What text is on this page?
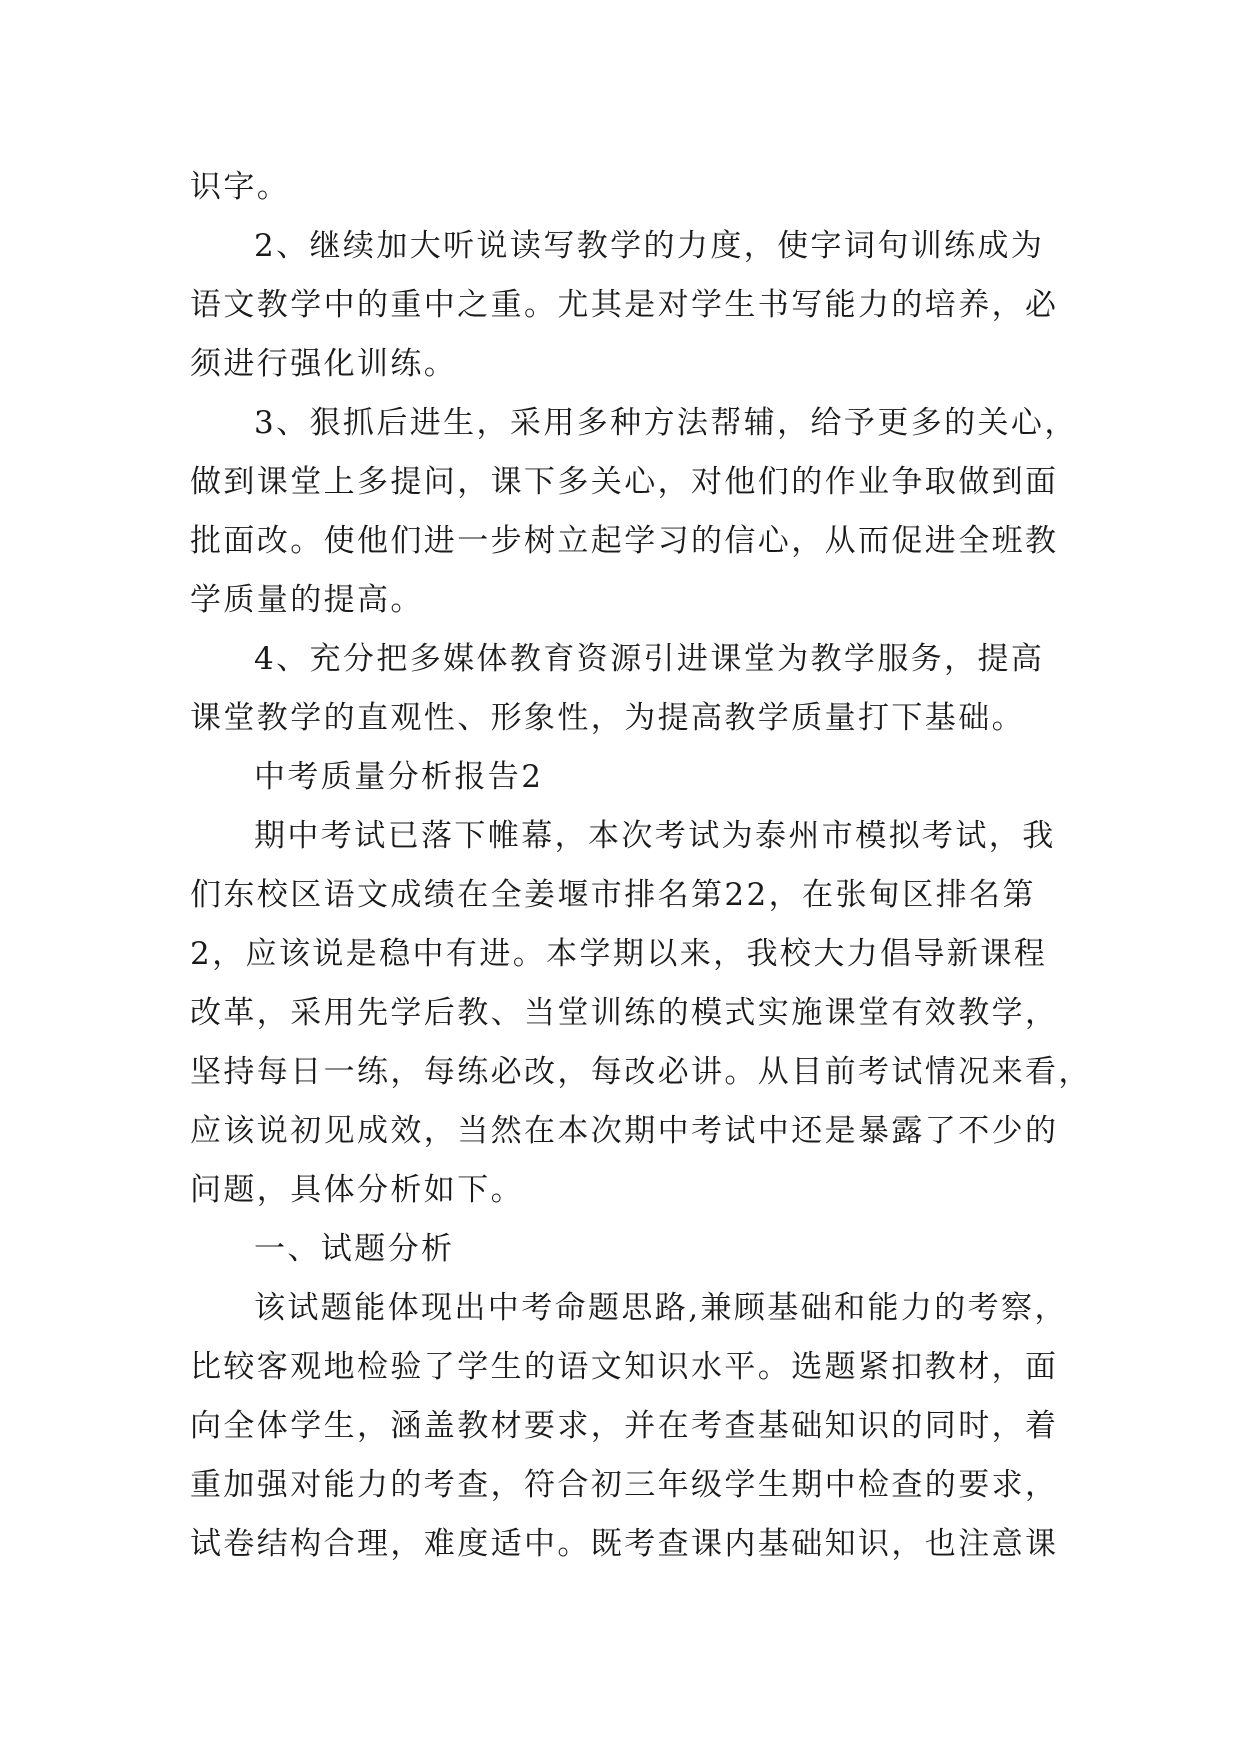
识字。
2、继续加大听说读写教学的力度，使字词句训练成为
语文教学中的重中之重。尤其是对学生书写能力的培养，必
须进行强化训练。
3、狠抓后进生，采用多种方法帮辅，给予更多的关心，
做到课堂上多提问，课下多关心，对他们的作业争取做到面
批面改。使他们进一步树立起学习的信心，从而促进全班教
学质量的提高。
4、充分把多媒体教育资源引进课堂为教学服务，提高
课堂教学的直观性、形象性，为提高教学质量打下基础。
中考质量分析报告2
期中考试已落下帷幕，本次考试为泰州市模拟考试，我
们东校区语文成绩在全姜堰市排名第22，在张甸区排名第
2，应该说是稳中有进。本学期以来，我校大力倡导新课程
改革，采用先学后教、当堂训练的模式实施课堂有效教学，
坚持每日一练，每练必改，每改必讲。从目前考试情况来看，
应该说初见成效，当然在本次期中考试中还是暴露了不少的
问题，具体分析如下。
一、试题分析
该试题能体现出中考命题思路,兼顾基础和能力的考察，
比较客观地检验了学生的语文知识水平。选题紧扣教材，面
向全体学生，涵盖教材要求，并在考查基础知识的同时，着
重加强对能力的考查，符合初三年级学生期中检查的要求，
试卷结构合理，难度适中。既考查课内基础知识，也注意课
